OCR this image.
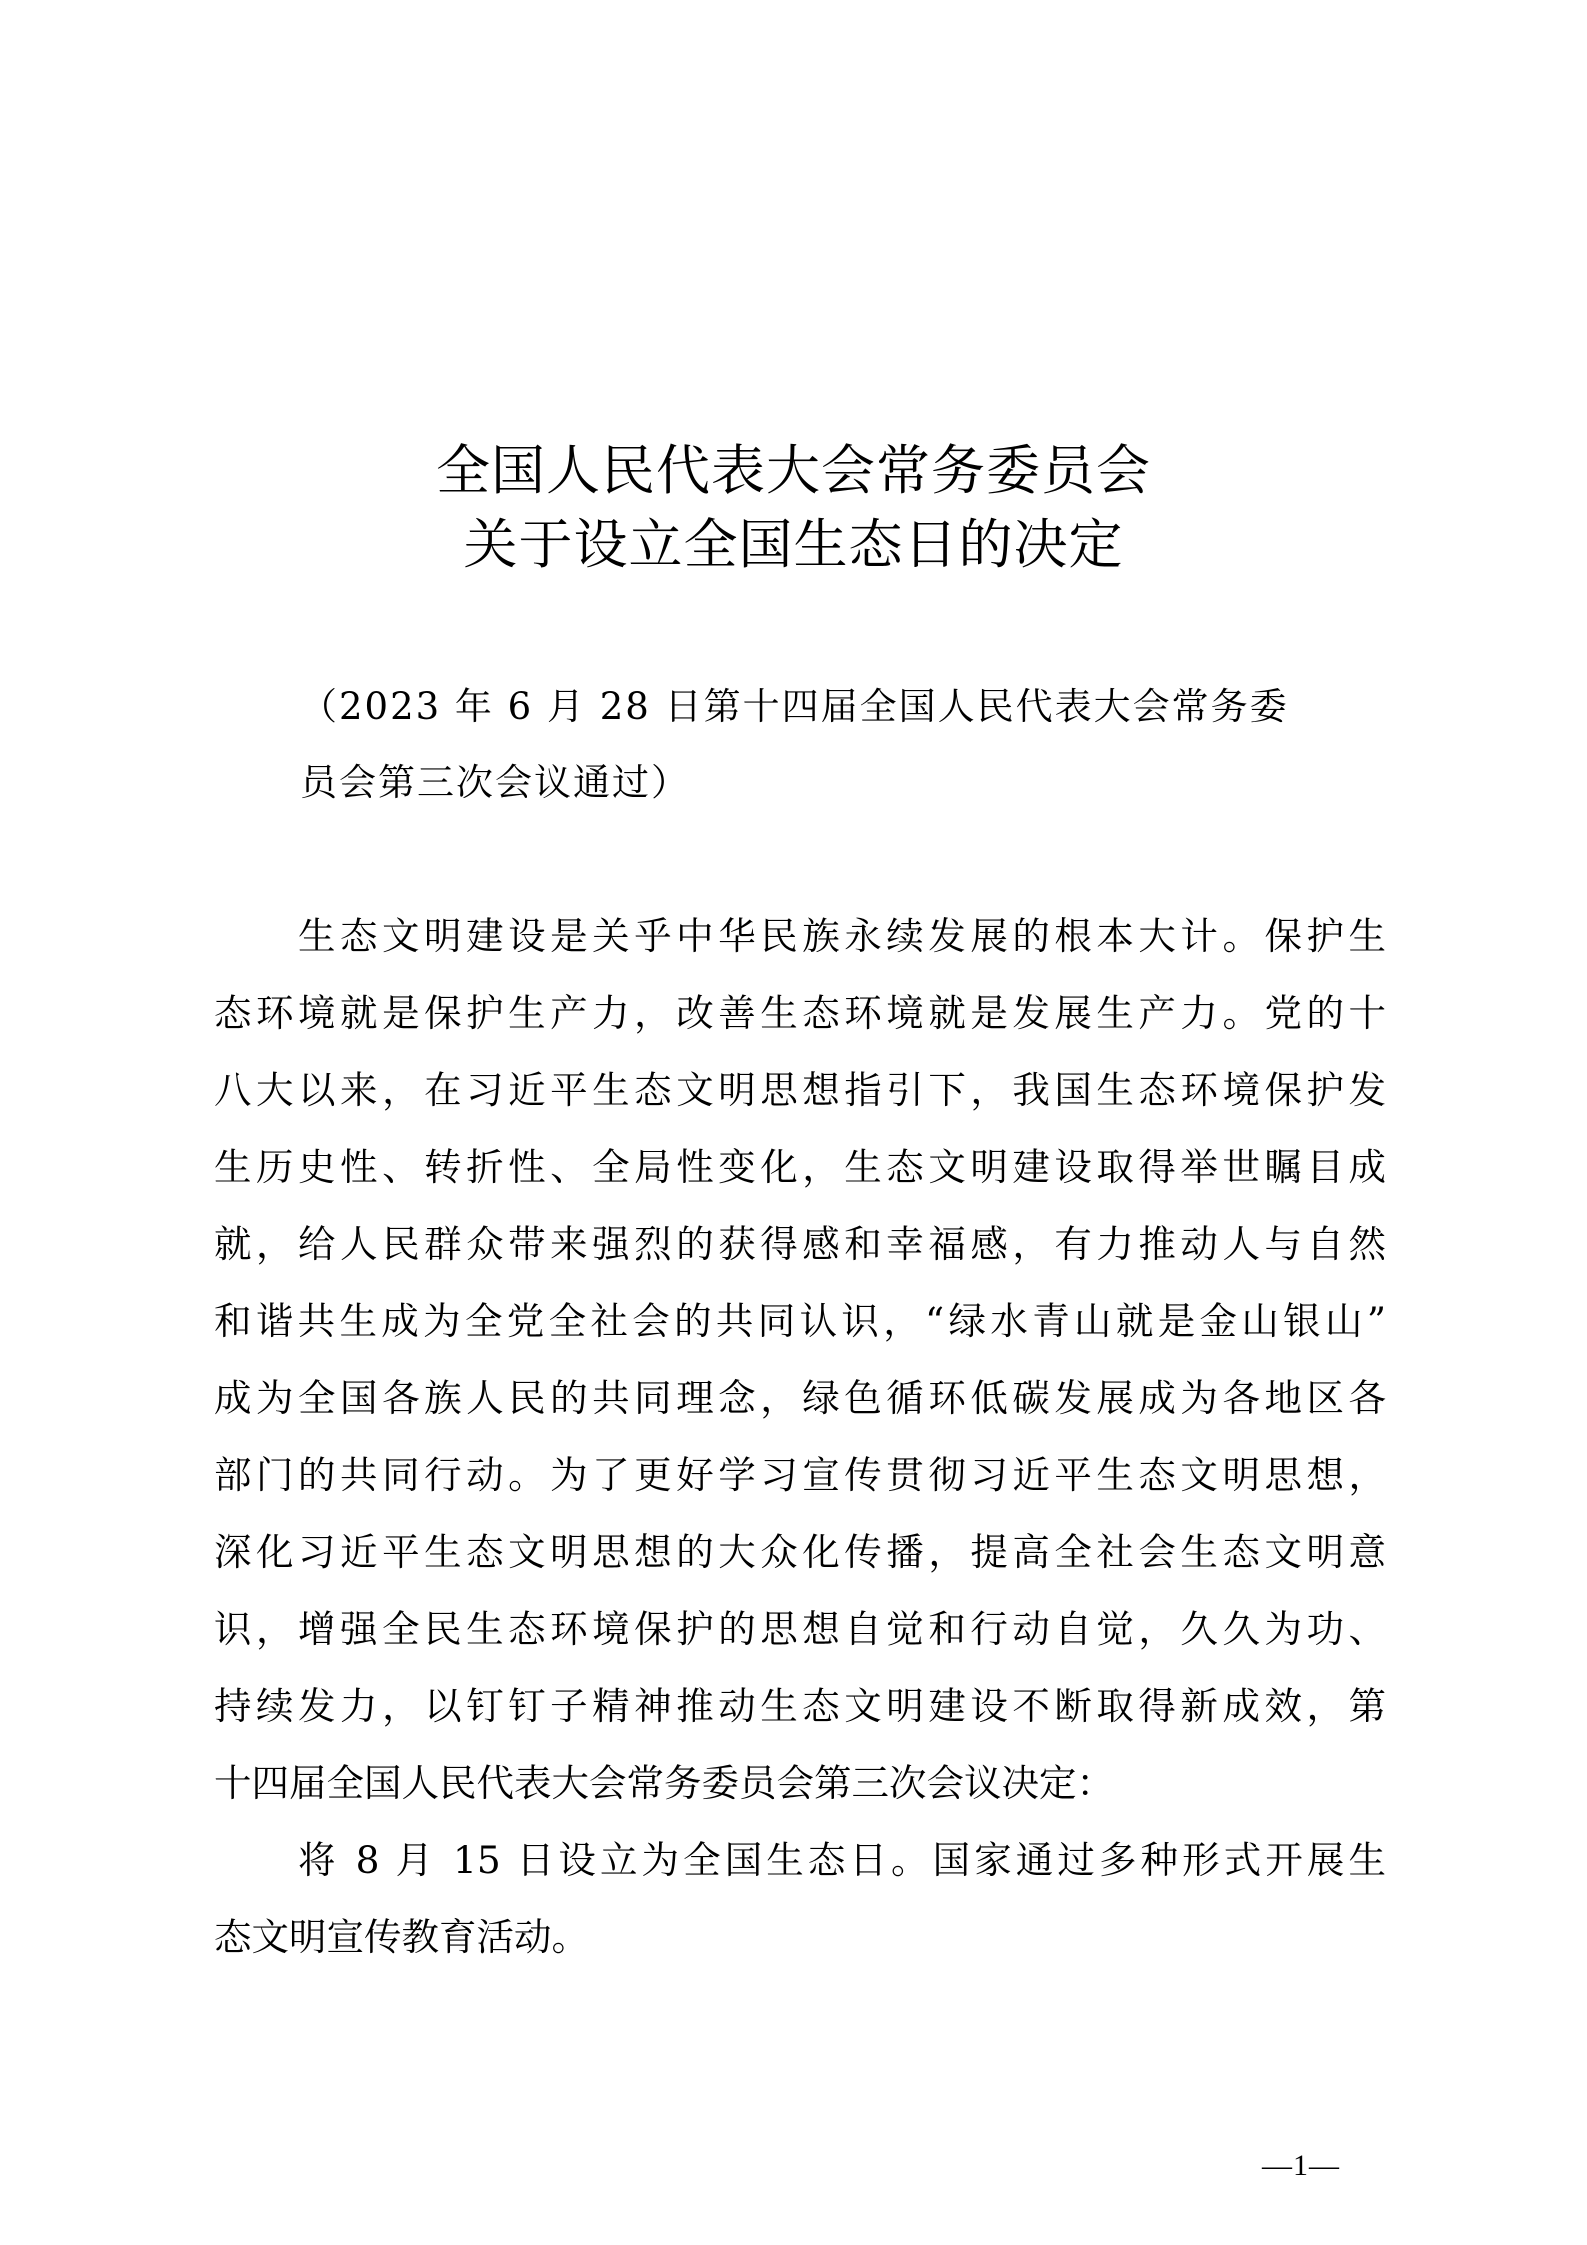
全国人民代表大会常务委员会
关于设立全国生态日的决定
（2023 年 6 月 28 日第十四届全国人民代表大会常务委
员会第三次会议通过）
生态文明建设是关乎中华民族永续发展的根本大计。保护生
态环境就是保护生产力，改善生态环境就是发展生产力。党的十
八大以来，在习近平生态文明思想指引下，我国生态环境保护发
生历史性、转折性、全局性变化，生态文明建设取得举世瞩目成
就，给人民群众带来强烈的获得感和幸福感，有力推动人与自然
和谐共生成为全党全社会的共同认识，“绿水青山就是金山银山”
成为全国各族人民的共同理念，绿色循环低碳发展成为各地区各
部门的共同行动。为了更好学习宣传贯彻习近平生态文明思想，
深化习近平生态文明思想的大众化传播，提高全社会生态文明意
识，增强全民生态环境保护的思想自觉和行动自觉，久久为功、
持续发力，以钉钉子精神推动生态文明建设不断取得新成效，第
十四届全国人民代表大会常务委员会第三次会议决定：
将 8 月 15 日设立为全国生态日。国家通过多种形式开展生
态文明宣传教育活动。
—1—
